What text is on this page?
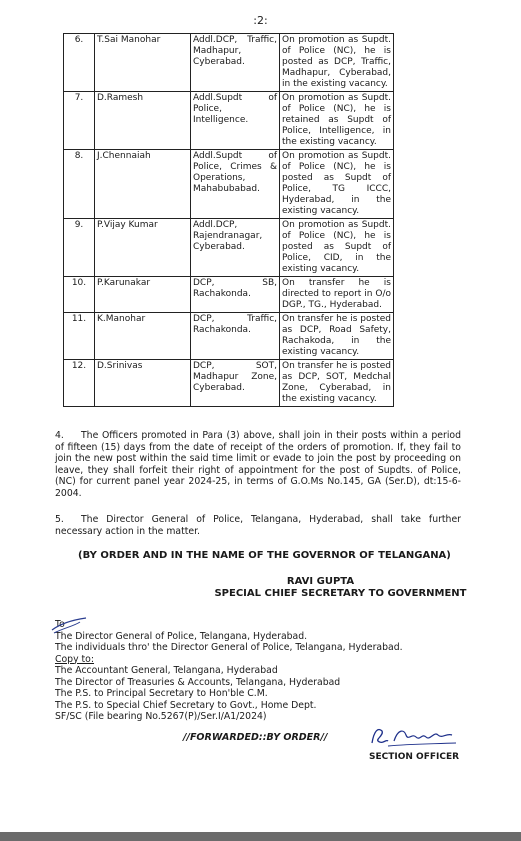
:2:
6.	T.Sai Manohar	Addl.DCP, Traffic, Madhapur, Cyberabad.	On promotion as Supdt. of Police (NC), he is posted as DCP, Traffic, Madhapur, Cyberabad, in the existing vacancy.
7.	D.Ramesh	Addl.Supdt of Police, Intelligence.	On promotion as Supdt. of Police (NC), he is retained as Supdt of Police, Intelligence, in the existing vacancy.
8.	J.Chennaiah	Addl.Supdt of Police, Crimes & Operations, Mahabubabad.	On promotion as Supdt. of Police (NC), he is posted as Supdt of Police, TG ICCC, Hyderabad, in the existing vacancy.
9.	P.Vijay Kumar	Addl.DCP, Rajendranagar, Cyberabad.	On promotion as Supdt. of Police (NC), he is posted as Supdt of Police, CID, in the existing vacancy.
10.	P.Karunakar	DCP, SB, Rachakonda.	On transfer he is directed to report in O/o DGP., TG., Hyderabad.
11.	K.Manohar	DCP, Traffic, Rachakonda.	On transfer he is posted as DCP, Road Safety, Rachakoda, in the existing vacancy.
12.	D.Srinivas	DCP, SOT, Madhapur Zone, Cyberabad.	On transfer he is posted as DCP, SOT, Medchal Zone, Cyberabad, in the existing vacancy.
4. The Officers promoted in Para (3) above, shall join in their posts within a period of fifteen (15) days from the date of receipt of the orders of promotion. If, they fail to join the new post within the said time limit or evade to join the post by proceeding on leave, they shall forfeit their right of appointment for the post of Supdts. of Police, (NC) for current panel year 2024-25, in terms of G.O.Ms No.145, GA (Ser.D), dt:15-6-2004.
5. The Director General of Police, Telangana, Hyderabad, shall take further necessary action in the matter.
(BY ORDER AND IN THE NAME OF THE GOVERNOR OF TELANGANA)
RAVI GUPTA
SPECIAL CHIEF SECRETARY TO GOVERNMENT
To
The Director General of Police, Telangana, Hyderabad.
The individuals thro' the Director General of Police, Telangana, Hyderabad.
Copy to:
The Accountant General, Telangana, Hyderabad
The Director of Treasuries & Accounts, Telangana, Hyderabad
The P.S. to Principal Secretary to Hon'ble C.M.
The P.S. to Special Chief Secretary to Govt., Home Dept.
SF/SC (File bearing No.5267(P)/Ser.I/A1/2024)
//FORWARDED::BY ORDER//
SECTION OFFICER
